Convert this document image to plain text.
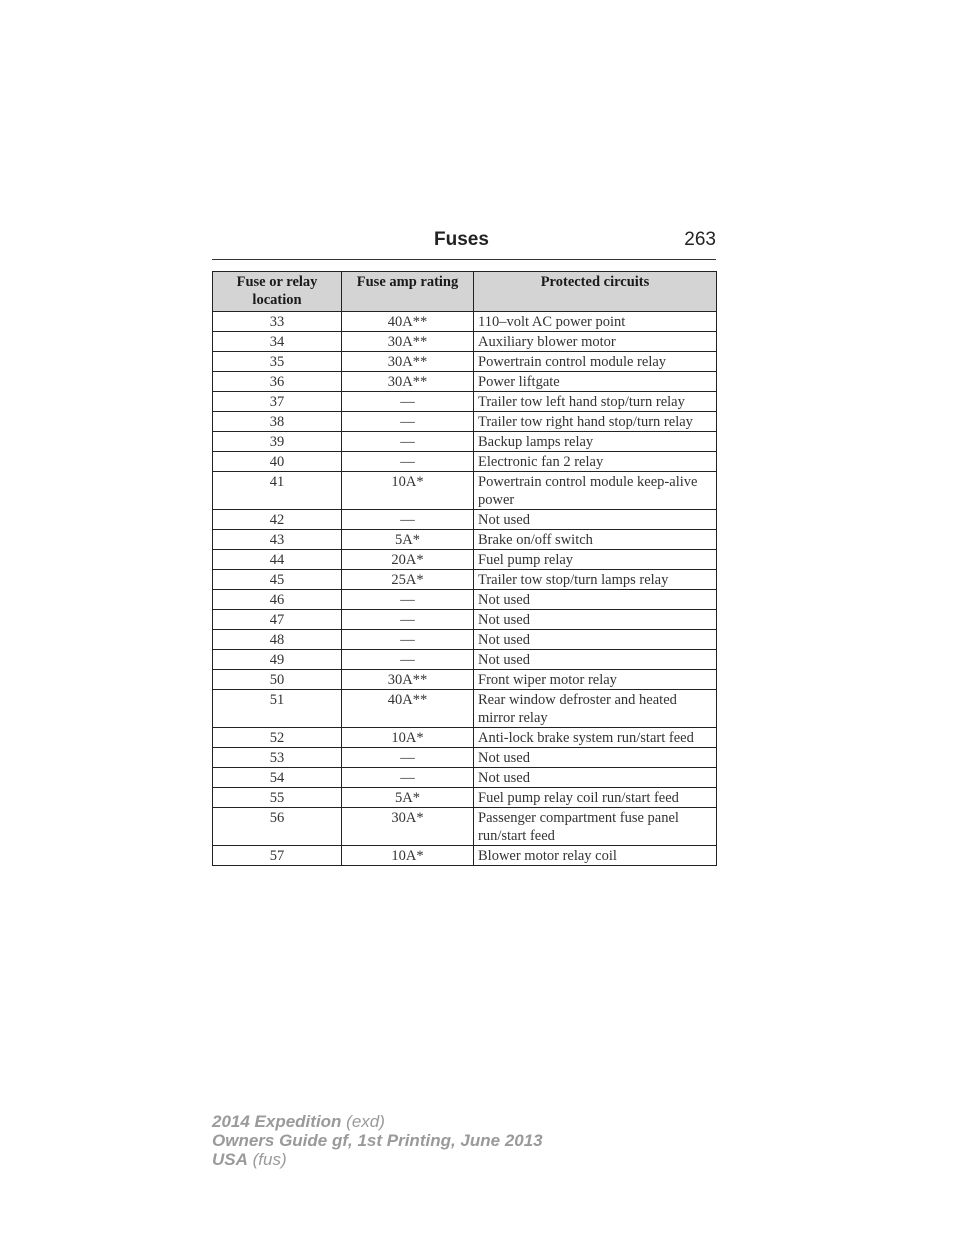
Fuses	263
Fuse or relay location	Fuse amp rating	Protected circuits
33	40A**	110–volt AC power point
34	30A**	Auxiliary blower motor
35	30A**	Powertrain control module relay
36	30A**	Power liftgate
37	—	Trailer tow left hand stop/turn relay
38	—	Trailer tow right hand stop/turn relay
39	—	Backup lamps relay
40	—	Electronic fan 2 relay
41	10A*	Powertrain control module keep-alive power
42	—	Not used
43	5A*	Brake on/off switch
44	20A*	Fuel pump relay
45	25A*	Trailer tow stop/turn lamps relay
46	—	Not used
47	—	Not used
48	—	Not used
49	—	Not used
50	30A**	Front wiper motor relay
51	40A**	Rear window defroster and heated mirror relay
52	10A*	Anti-lock brake system run/start feed
53	—	Not used
54	—	Not used
55	5A*	Fuel pump relay coil run/start feed
56	30A*	Passenger compartment fuse panel run/start feed
57	10A*	Blower motor relay coil
2014 Expedition (exd)
Owners Guide gf, 1st Printing, June 2013
USA (fus)
